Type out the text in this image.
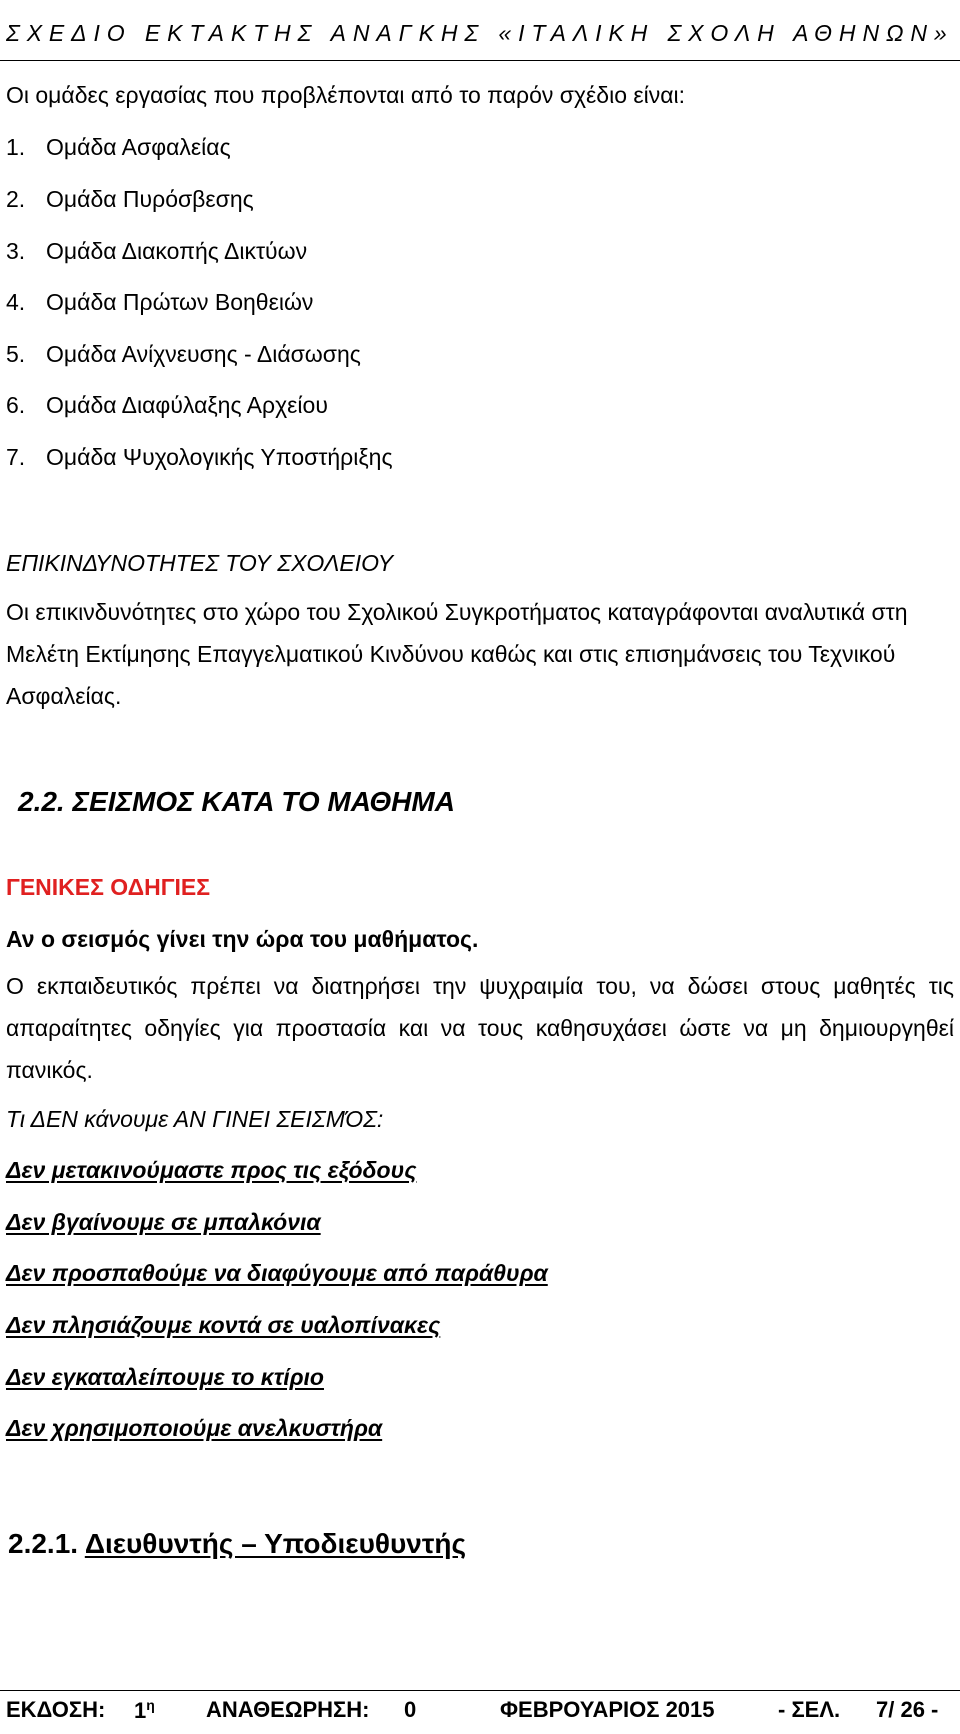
ΣΧΕΔΙΟ ΕΚΤΑΚΤΗΣ ΑΝΑΓΚΗΣ «ΙΤΑΛΙΚΗ ΣΧΟΛΗ ΑΘΗΝΩΝ»
Οι ομάδες εργασίας που προβλέπονται από το παρόν σχέδιο είναι:
1. Ομάδα Ασφαλείας
2. Ομάδα Πυρόσβεσης
3. Ομάδα Διακοπής Δικτύων
4. Ομάδα Πρώτων Βοηθειών
5. Ομάδα Ανίχνευσης - Διάσωσης
6. Ομάδα Διαφύλαξης Αρχείου
7. Ομάδα Ψυχολογικής Υποστήριξης
ΕΠΙΚΙΝΔΥΝΟΤΗΤΕΣ ΤΟΥ ΣΧΟΛΕΙΟΥ
Οι επικινδυνότητες στο χώρο του Σχολικού Συγκροτήματος καταγράφονται αναλυτικά στη Μελέτη Εκτίμησης Επαγγελματικού Κινδύνου καθώς και στις επισημάνσεις του Τεχνικού Ασφαλείας.
2.2. ΣΕΙΣΜΟΣ ΚΑΤΑ ΤΟ ΜΑΘΗΜΑ
ΓΕΝΙΚΕΣ ΟΔΗΓΙΕΣ
Αν ο σεισμός γίνει την ώρα του μαθήματος.
Ο εκπαιδευτικός πρέπει να διατηρήσει την ψυχραιμία του, να δώσει στους μαθητές τις απαραίτητες οδηγίες για προστασία και να τους καθησυχάσει ώστε να μη δημιουργηθεί πανικός.
Τι ΔΕΝ κάνουμε ΑΝ ΓΙΝΕΙ ΣΕΙΣΜΌΣ:
Δεν μετακινούμαστε προς τις εξόδους
Δεν βγαίνουμε σε μπαλκόνια
Δεν προσπαθούμε να διαφύγουμε από παράθυρα
Δεν πλησιάζουμε κοντά σε υαλοπίνακες
Δεν εγκαταλείπουμε το κτίριο
Δεν χρησιμοποιούμε ανελκυστήρα
2.2.1. Διευθυντής – Υποδιευθυντής
ΕΚΔΟΣΗ:	$1^\eta$	ΑΝΑΘΕΩΡΗΣΗ:	0	ΦΕΒΡΟΥΑΡΙΟΣ 2015	- ΣΕΛ.	7/ 26 -
